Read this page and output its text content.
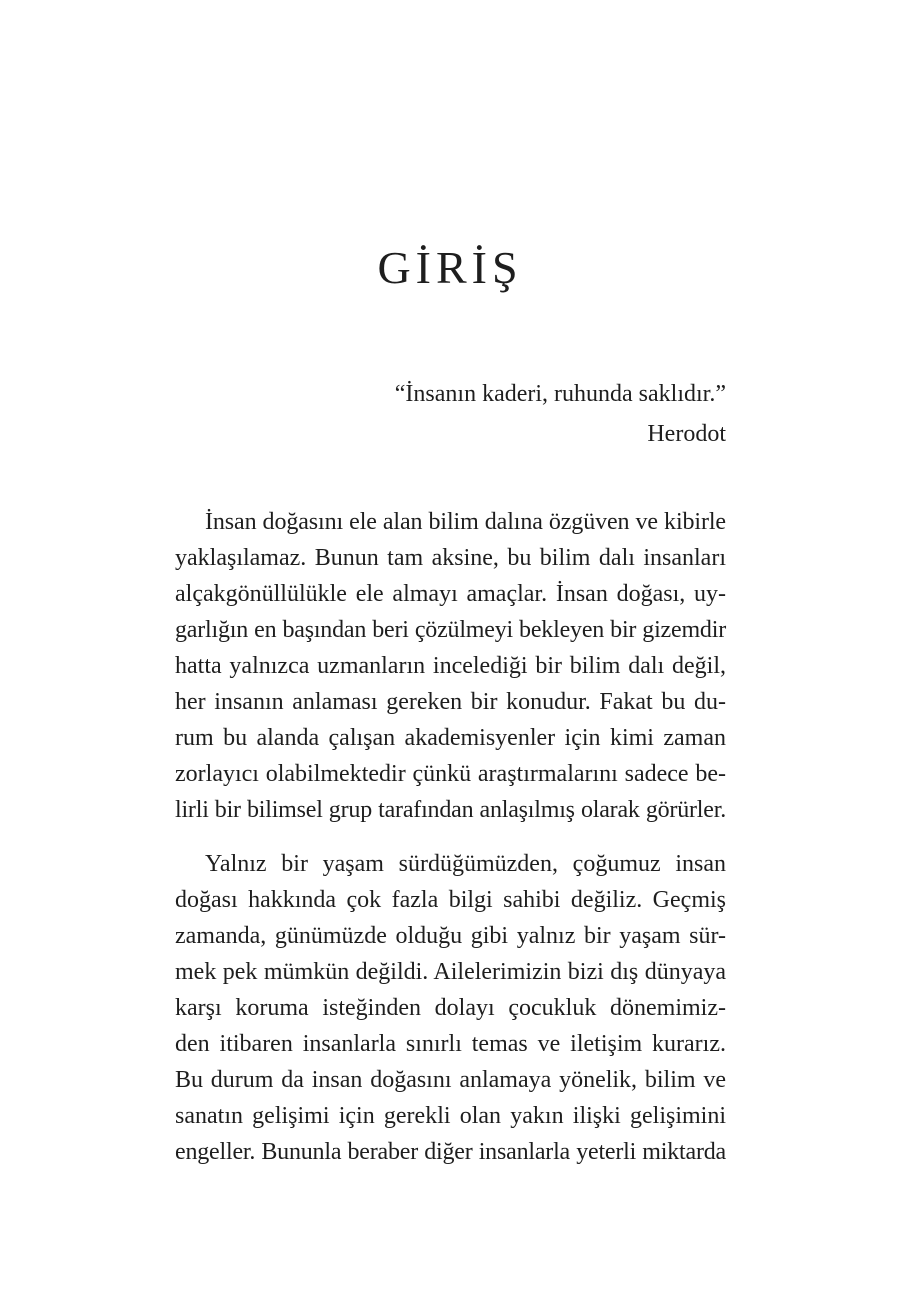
GİRİŞ
“İnsanın kaderi, ruhunda saklıdır.”
Herodot
İnsan doğasını ele alan bilim dalına özgüven ve kibirle
yaklaşılamaz. Bunun tam aksine, bu bilim dalı insanları
alçakgönüllülükle ele almayı amaçlar. İnsan doğası, uy-
garlığın en başından beri çözülmeyi bekleyen bir gizemdir
hatta yalnızca uzmanların incelediği bir bilim dalı değil,
her insanın anlaması gereken bir konudur. Fakat bu du-
rum bu alanda çalışan akademisyenler için kimi zaman
zorlayıcı olabilmektedir çünkü araştırmalarını sadece be-
lirli bir bilimsel grup tarafından anlaşılmış olarak görürler.
Yalnız bir yaşam sürdüğümüzden, çoğumuz insan
doğası hakkında çok fazla bilgi sahibi değiliz. Geçmiş
zamanda, günümüzde olduğu gibi yalnız bir yaşam sür-
mek pek mümkün değildi. Ailelerimizin bizi dış dünyaya
karşı koruma isteğinden dolayı çocukluk dönemimiz-
den itibaren insanlarla sınırlı temas ve iletişim kurarız.
Bu durum da insan doğasını anlamaya yönelik, bilim ve
sanatın gelişimi için gerekli olan yakın ilişki gelişimini
engeller. Bununla beraber diğer insanlarla yeterli miktarda
